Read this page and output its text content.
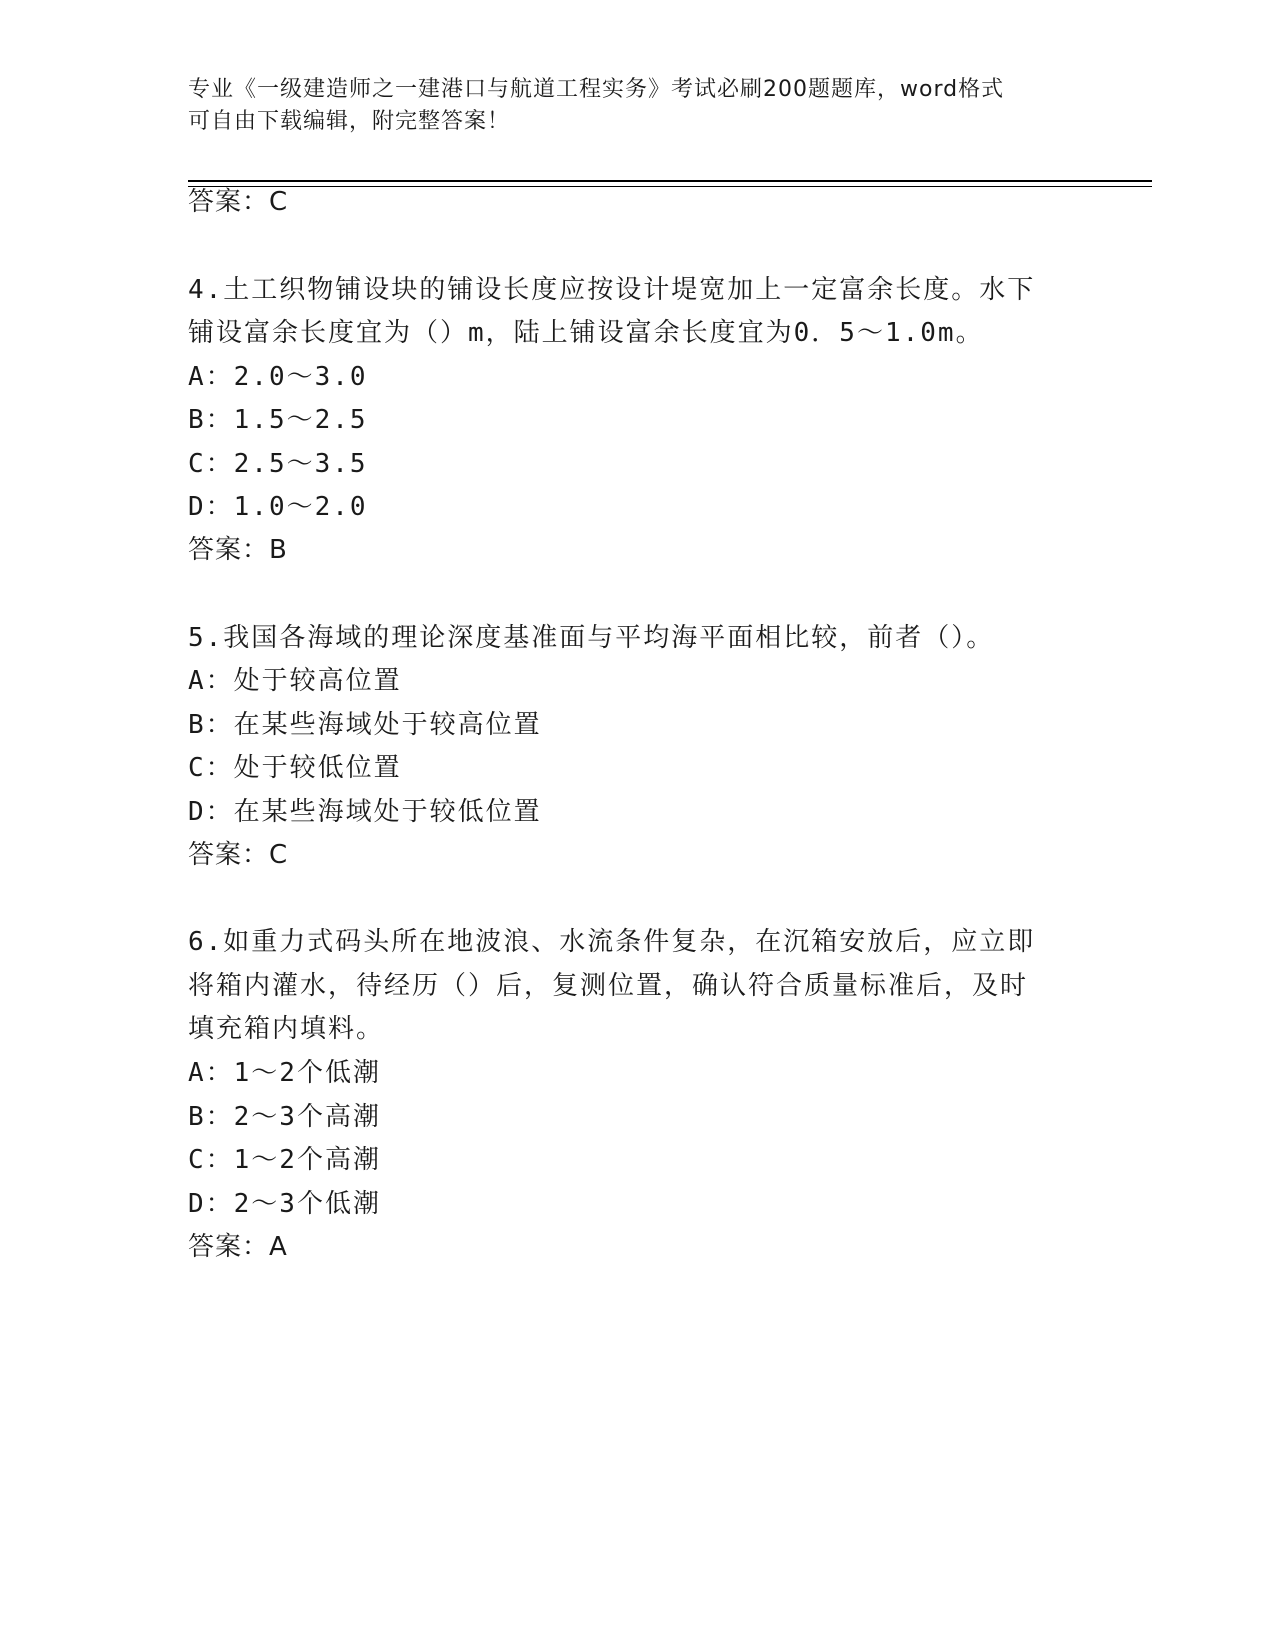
专业《一级建造师之一建港口与航道工程实务》考试必刷200题题库，word格式
可自由下载编辑，附完整答案！
答案：C
4.土工织物铺设块的铺设长度应按设计堤宽加上一定富余长度。水下
铺设富余长度宜为（）m，陆上铺设富余长度宜为0．5～1.0m。
A：2.0～3.0
B：1.5～2.5
C：2.5～3.5
D：1.0～2.0
答案：B
5.我国各海域的理论深度基准面与平均海平面相比较，前者（）。
A：处于较高位置
B：在某些海域处于较高位置
C：处于较低位置
D：在某些海域处于较低位置
答案：C
6.如重力式码头所在地波浪、水流条件复杂，在沉箱安放后，应立即
将箱内灌水，待经历（）后，复测位置，确认符合质量标准后，及时
填充箱内填料。
A：1～2个低潮
B：2～3个高潮
C：1～2个高潮
D：2～3个低潮
答案：A
